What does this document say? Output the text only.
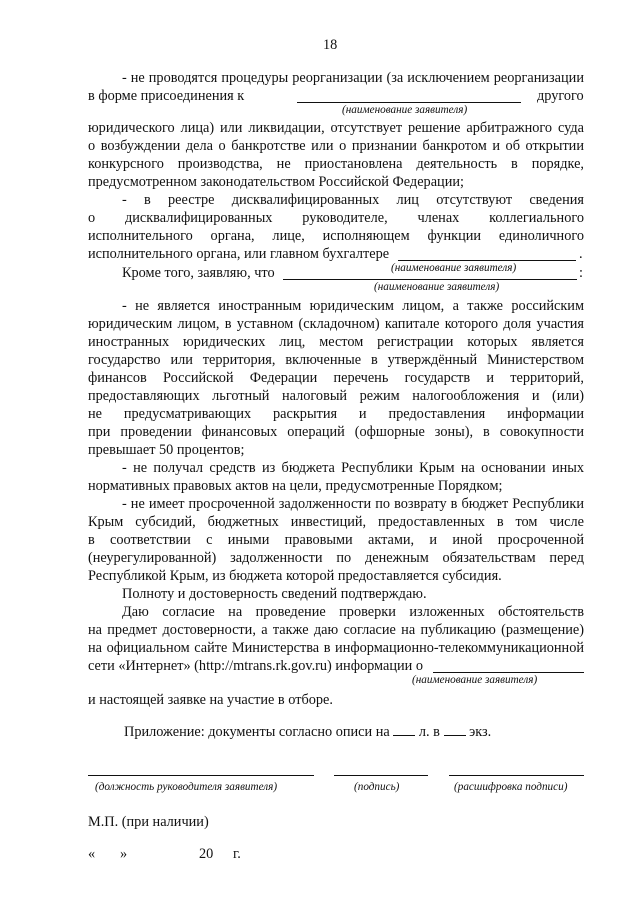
18
- не проводятся процедуры реорганизации (за исключением реорганизации
в форме присоединения к	другого
(наименование заявителя)
юридического лица) или ликвидации, отсутствует решение арбитражного суда
о возбуждении дела о банкротстве или о признании банкротом и об открытии
конкурсного производства, не приостановлена деятельность в порядке,
предусмотренном законодательством Российской Федерации;
- в реестре дисквалифицированных лиц отсутствуют сведения
о дисквалифицированных руководителе, членах коллегиального
исполнительного органа, лице, исполняющем функции единоличного
исполнительного органа, или главном бухгалтере	.
(наименование заявителя)
Кроме того, заявляю, что	:
(наименование заявителя)
- не является иностранным юридическим лицом, а также российским
юридическим лицом, в уставном (складочном) капитале которого доля участия
иностранных юридических лиц, местом регистрации которых является
государство или территория, включенные в утверждённый Министерством
финансов Российской Федерации перечень государств и территорий,
предоставляющих льготный налоговый режим налогообложения и (или)
не предусматривающих раскрытия и предоставления информации
при проведении финансовых операций (офшорные зоны), в совокупности
превышает 50 процентов;
- не получал средств из бюджета Республики Крым на основании иных
нормативных правовых актов на цели, предусмотренные Порядком;
- не имеет просроченной задолженности по возврату в бюджет Республики
Крым субсидий, бюджетных инвестиций, предоставленных в том числе
в соответствии с иными правовыми актами, и иной просроченной
(неурегулированной) задолженности по денежным обязательствам перед
Республикой Крым, из бюджета которой предоставляется субсидия.
Полноту и достоверность сведений подтверждаю.
Даю согласие на проведение проверки изложенных обстоятельств
на предмет достоверности, а также даю согласие на публикацию (размещение)
на официальном сайте Министерства в информационно-телекоммуникационной
сети «Интернет» (http://mtrans.rk.gov.ru) информации о
(наименование заявителя)
и настоящей заявке на участие в отборе.
Приложение: документы согласно описи на л. в экз.
(должность руководителя заявителя)	(подпись)	(расшифровка подписи)
М.П. (при наличии)
« »	20 г.
